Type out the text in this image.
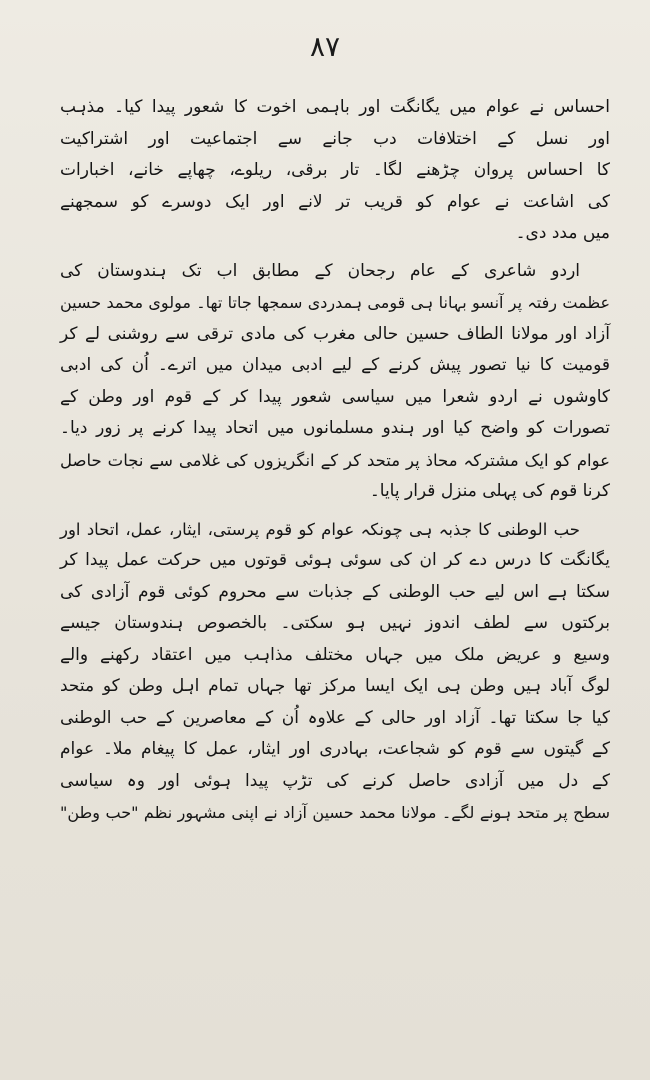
۸۷
احساس نے عوام میں یگانگت اور باہمی اخوت کا شعور پیدا کیا۔ مذہب
اور نسل کے اختلافات دب جانے سے اجتماعیت اور اشتراکیت
کا احساس پروان چڑھنے لگا۔ تار برقی، ریلوے، چھاپے خانے، اخبارات
کی اشاعت نے عوام کو قریب تر لانے اور ایک دوسرے کو سمجھنے
میں مدد دی۔
اردو شاعری کے عام رجحان کے مطابق اب تک ہندوستان کی
عظمت رفتہ پر آنسو بہانا ہی قومی ہمدردی سمجھا جاتا تھا۔ مولوی محمد حسین
آزاد اور مولانا الطاف حسین حالی مغرب کی مادی ترقی سے روشنی لے کر
قومیت کا نیا تصور پیش کرنے کے لیے ادبی میدان میں اترے۔ اُن کی ادبی
کاوشوں نے اردو شعرا میں سیاسی شعور پیدا کر کے قوم اور وطن کے
تصورات کو واضح کیا اور ہندو مسلمانوں میں اتحاد پیدا کرنے پر زور دیا۔
عوام کو ایک مشترکہ محاذ پر متحد کر کے انگریزوں کی غلامی سے نجات حاصل
کرنا قوم کی پہلی منزل قرار پایا۔
حب الوطنی کا جذبہ ہی چونکہ عوام کو قوم پرستی، ایثار، عمل، اتحاد اور
یگانگت کا درس دے کر ان کی سوئی ہوئی قوتوں میں حرکت عمل پیدا کر
سکتا ہے اس لیے حب الوطنی کے جذبات سے محروم کوئی قوم آزادی کی
برکتوں سے لطف اندوز نہیں ہو سکتی۔ بالخصوص ہندوستان جیسے
وسیع و عریض ملک میں جہاں مختلف مذاہب میں اعتقاد رکھنے والے
لوگ آباد ہیں وطن ہی ایک ایسا مرکز تھا جہاں تمام اہل وطن کو متحد
کیا جا سکتا تھا۔ آزاد اور حالی کے علاوہ اُن کے معاصرین کے حب الوطنی
کے گیتوں سے قوم کو شجاعت، بہادری اور ایثار، عمل کا پیغام ملا۔ عوام
کے دل میں آزادی حاصل کرنے کی تڑپ پیدا ہوئی اور وہ سیاسی
سطح پر متحد ہونے لگے۔ مولانا محمد حسین آزاد نے اپنی مشہور نظم "حب وطن"
